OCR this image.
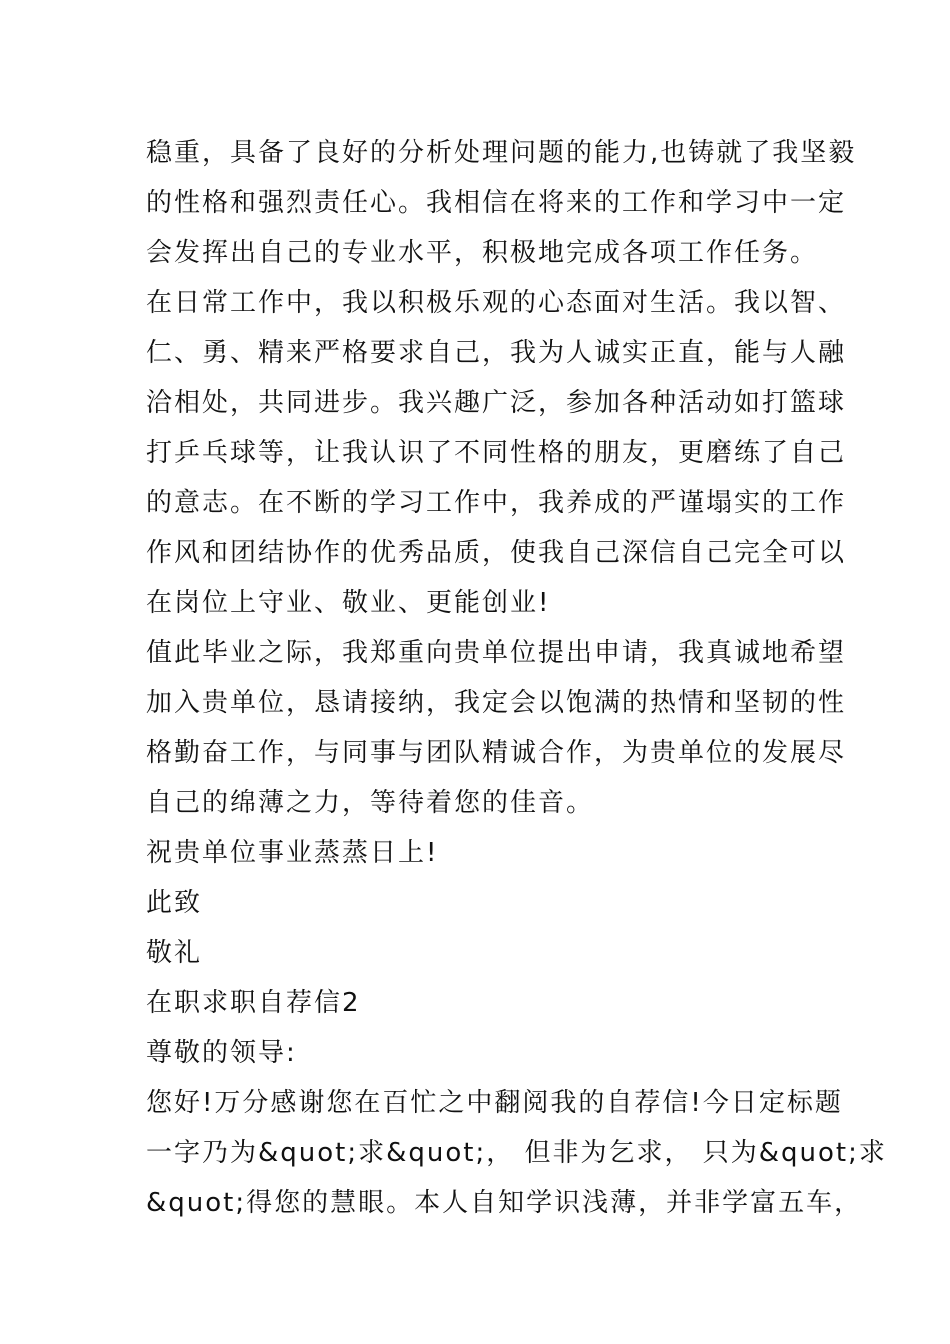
稳重，具备了良好的分析处理问题的能力,也铸就了我坚毅
的性格和强烈责任心。我相信在将来的工作和学习中一定
会发挥出自己的专业水平，积极地完成各项工作任务。
在日常工作中，我以积极乐观的心态面对生活。我以智、
仁、勇、精来严格要求自己，我为人诚实正直，能与人融
洽相处，共同进步。我兴趣广泛，参加各种活动如打篮球
打乒乓球等，让我认识了不同性格的朋友，更磨练了自己
的意志。在不断的学习工作中，我养成的严谨塌实的工作
作风和团结协作的优秀品质，使我自己深信自己完全可以
在岗位上守业、敬业、更能创业!
值此毕业之际，我郑重向贵单位提出申请，我真诚地希望
加入贵单位，恳请接纳，我定会以饱满的热情和坚韧的性
格勤奋工作，与同事与团队精诚合作，为贵单位的发展尽
自己的绵薄之力，等待着您的佳音。
祝贵单位事业蒸蒸日上!
此致
敬礼
在职求职自荐信2
尊敬的领导:
您好!万分感谢您在百忙之中翻阅我的自荐信!今日定标题
一字乃为&quot;求&quot;， 但非为乞求， 只为&quot;求
&quot;得您的慧眼。本人自知学识浅薄，并非学富五车，
